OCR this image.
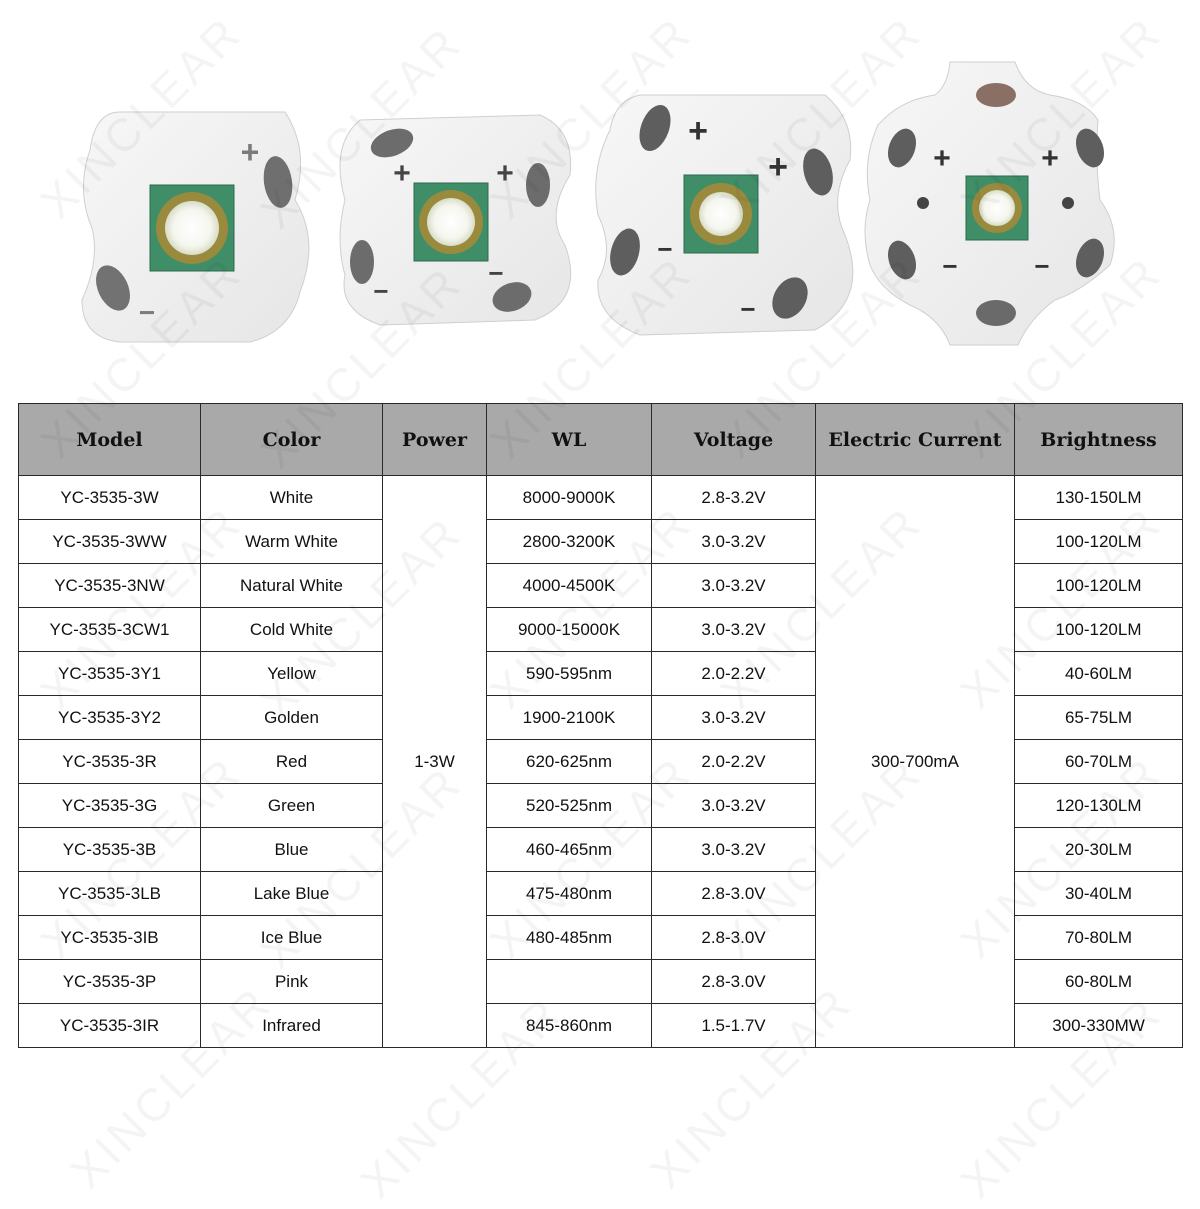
+
−
+	+
−
−
+
+
−
−
+	+
−	−
Model	Color	Power	WL	Voltage	Electric Current	Brightness
YC-3535-3W	White	1-3W	8000-9000K	2.8-3.2V	300-700mA	130-150LM
YC-3535-3WW	Warm White		2800-3200K	3.0-3.2V		100-120LM
YC-3535-3NW	Natural White		4000-4500K	3.0-3.2V		100-120LM
YC-3535-3CW1	Cold White		9000-15000K	3.0-3.2V		100-120LM
YC-3535-3Y1	Yellow		590-595nm	2.0-2.2V		40-60LM
YC-3535-3Y2	Golden		1900-2100K	3.0-3.2V		65-75LM
YC-3535-3R	Red		620-625nm	2.0-2.2V		60-70LM
YC-3535-3G	Green		520-525nm	3.0-3.2V		120-130LM
YC-3535-3B	Blue		460-465nm	3.0-3.2V		20-30LM
YC-3535-3LB	Lake Blue		475-480nm	2.8-3.0V		30-40LM
YC-3535-3IB	Ice Blue		480-485nm	2.8-3.0V		70-80LM
YC-3535-3P	Pink			2.8-3.0V		60-80LM
YC-3535-3IR	Infrared		845-860nm	1.5-1.7V		300-330MW
